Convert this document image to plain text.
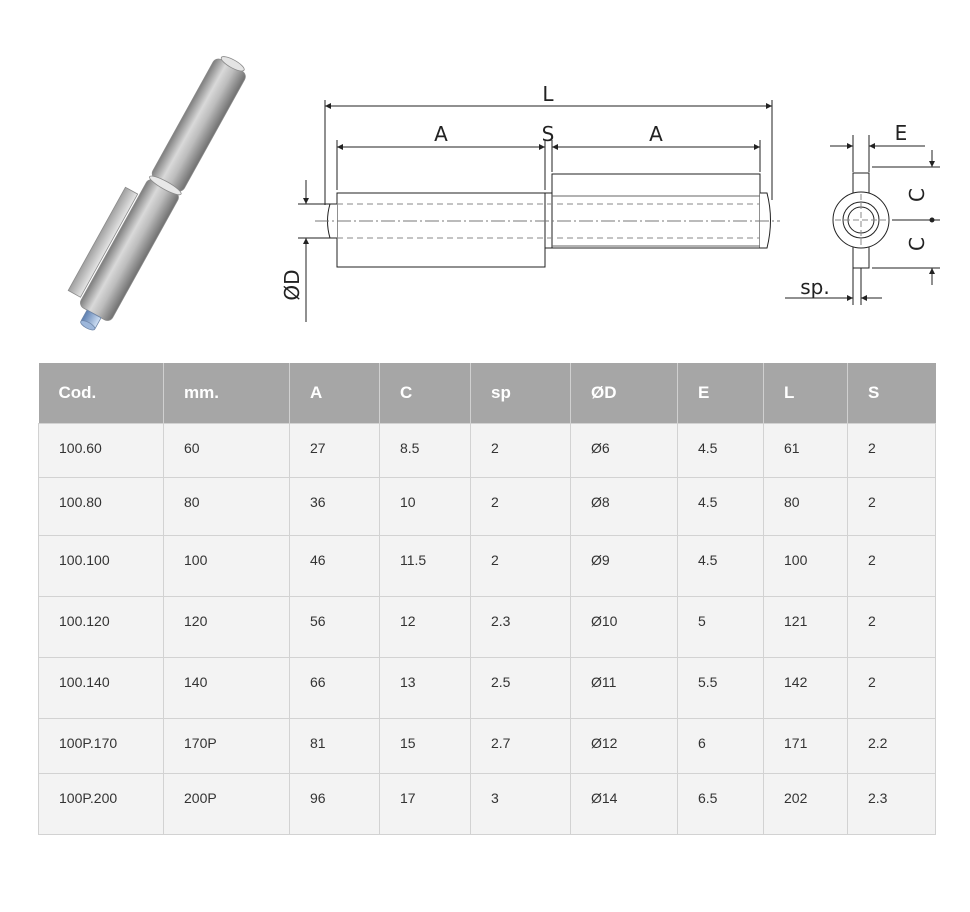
L
A	S	A
ØD
E
C
C
sp.
Cod.	mm.	A	C	sp	ØD	E	L	S
100.60	60	27	8.5	2	Ø6	4.5	61	2
100.80	80	36	10	2	Ø8	4.5	80	2
100.100	100	46	11.5	2	Ø9	4.5	100	2
100.120	120	56	12	2.3	Ø10	5	121	2
100.140	140	66	13	2.5	Ø11	5.5	142	2
100P.170	170P	81	15	2.7	Ø12	6	171	2.2
100P.200	200P	96	17	3	Ø14	6.5	202	2.3
